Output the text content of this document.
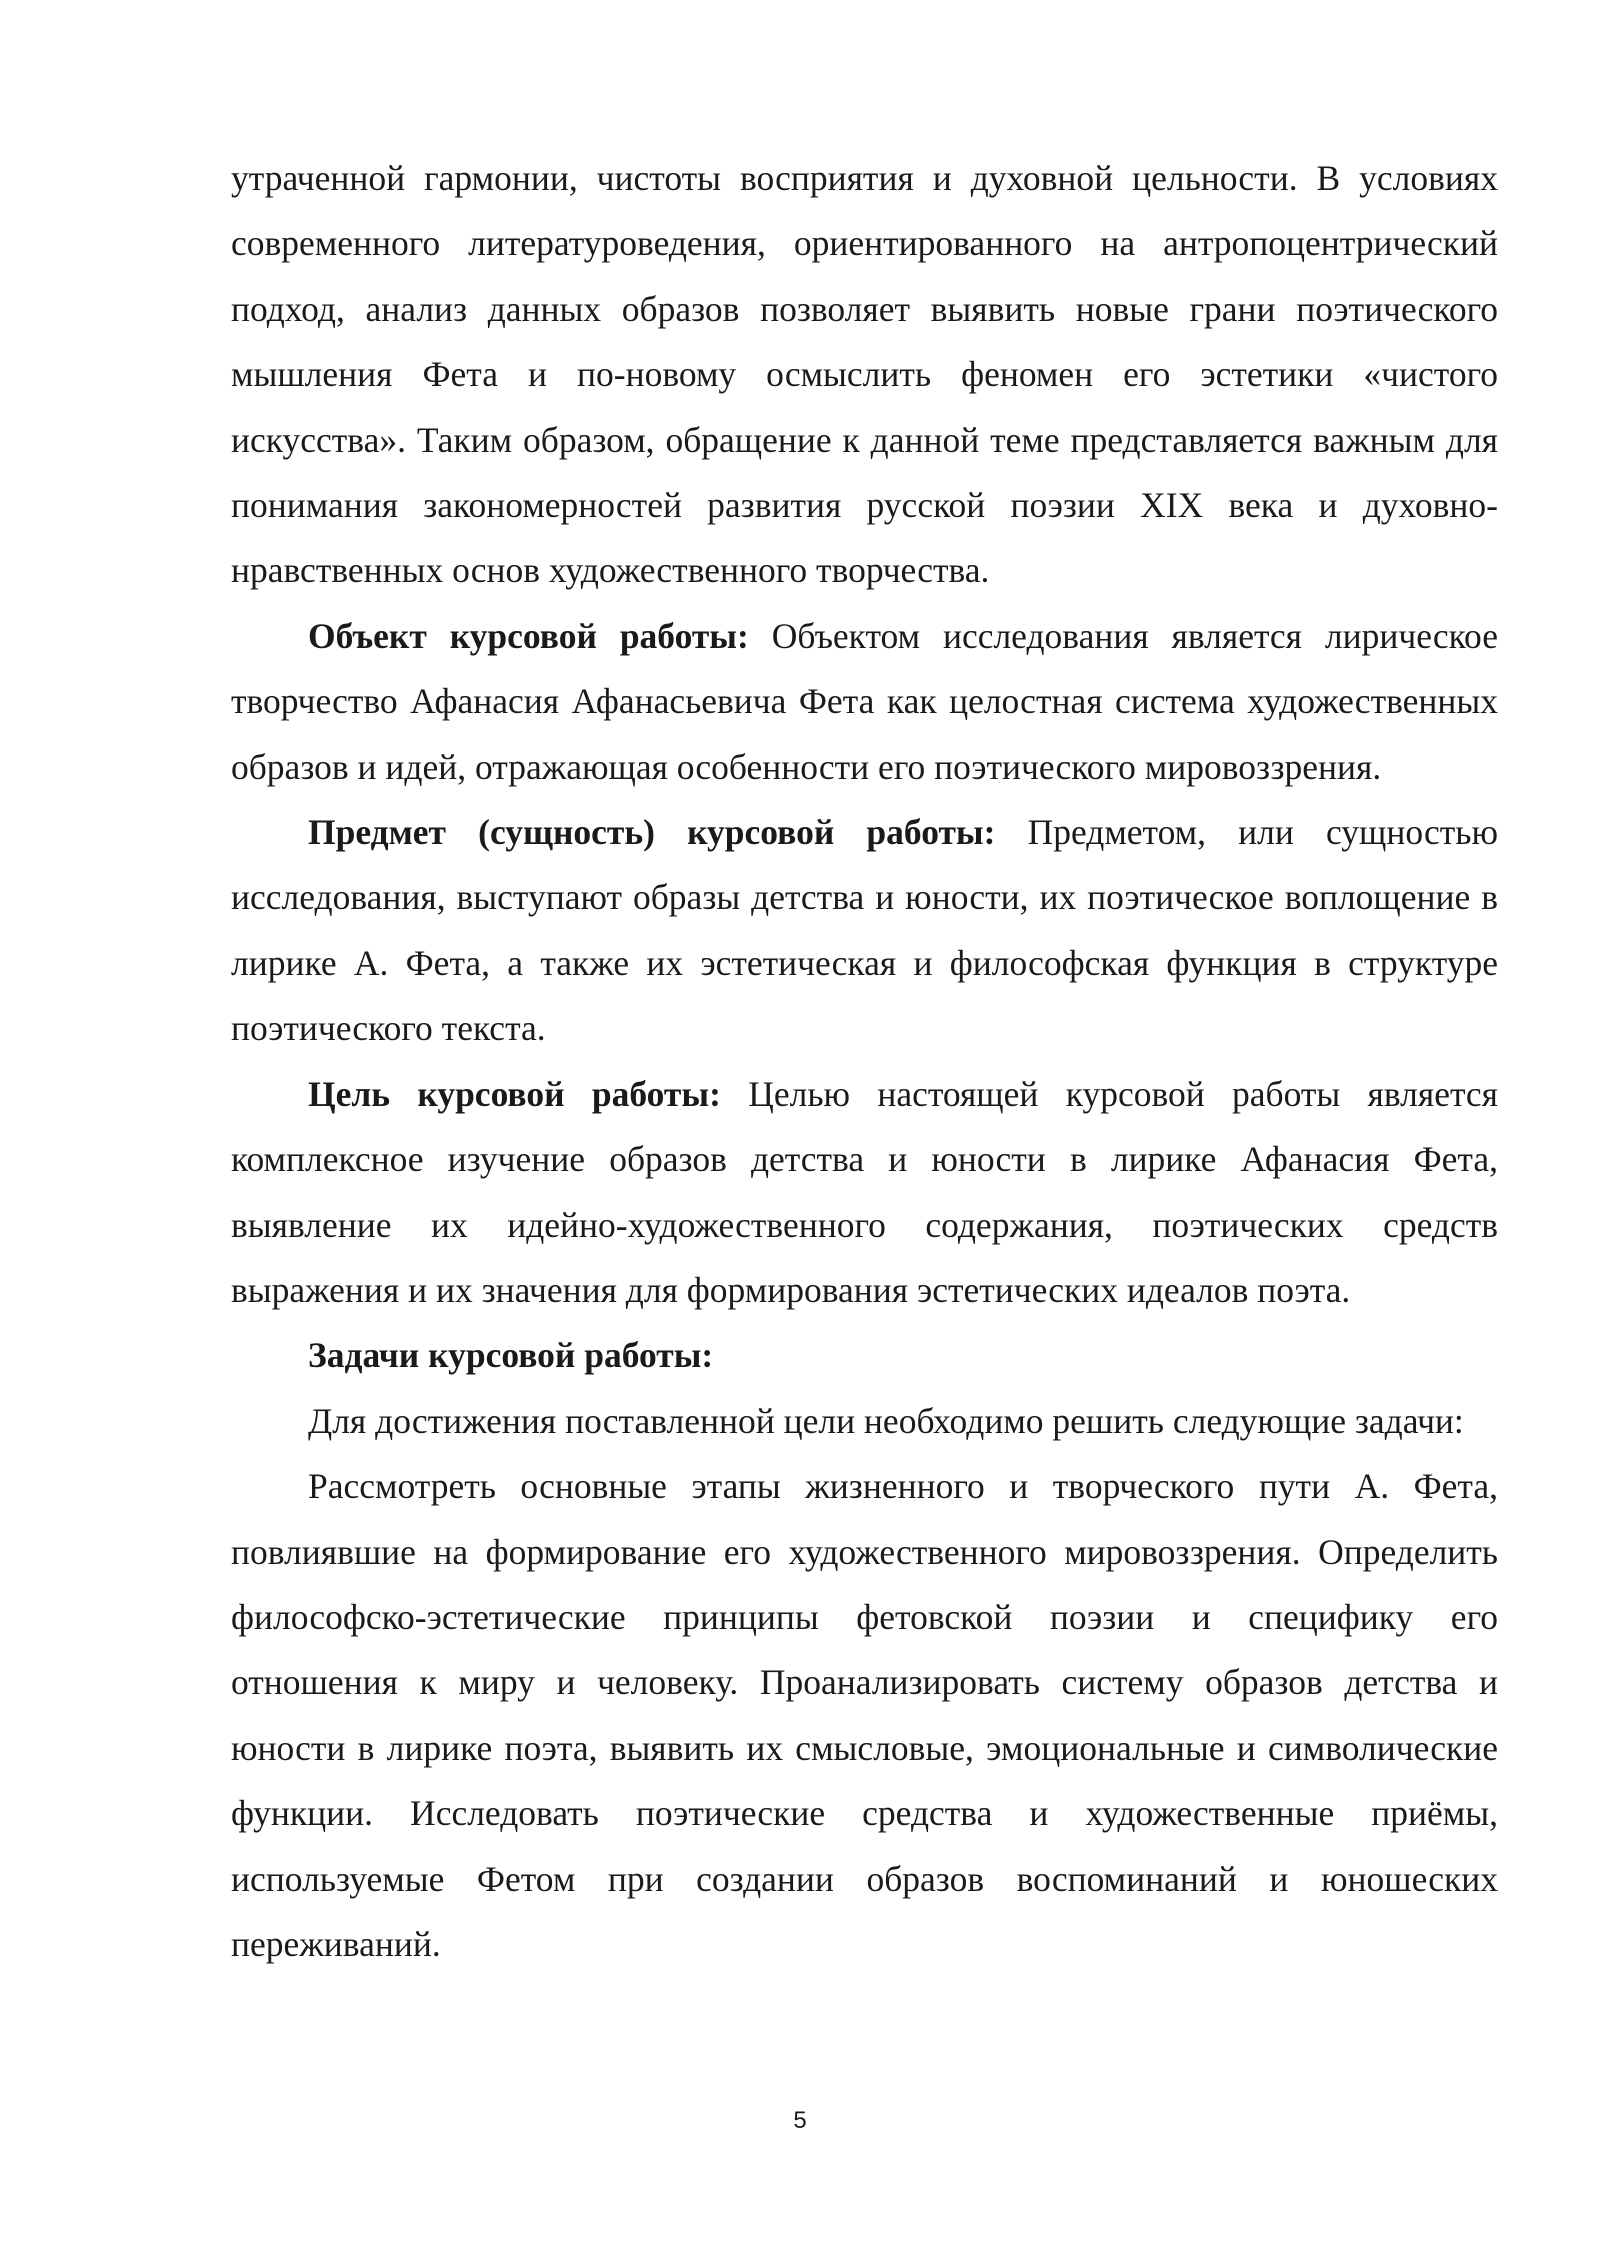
утраченной гармонии, чистоты восприятия и духовной цельности. В условиях современного литературоведения, ориентированного на антропоцентрический подход, анализ данных образов позволяет выявить новые грани поэтического мышления Фета и по-новому осмыслить феномен его эстетики «чистого искусства». Таким образом, обращение к данной теме представляется важным для понимания закономерностей развития русской поэзии XIX века и духовно-нравственных основ художественного творчества.

Объект курсовой работы: Объектом исследования является лирическое творчество Афанасия Афанасьевича Фета как целостная система художественных образов и идей, отражающая особенности его поэтического мировоззрения.

Предмет (сущность) курсовой работы: Предметом, или сущностью исследования, выступают образы детства и юности, их поэтическое воплощение в лирике А. Фета, а также их эстетическая и философская функция в структуре поэтического текста.

Цель курсовой работы: Целью настоящей курсовой работы является комплексное изучение образов детства и юности в лирике Афанасия Фета, выявление их идейно-художественного содержания, поэтических средств выражения и их значения для формирования эстетических идеалов поэта.

Задачи курсовой работы:

Для достижения поставленной цели необходимо решить следующие задачи:

Рассмотреть основные этапы жизненного и творческого пути А. Фета, повлиявшие на формирование его художественного мировоззрения. Определить философско-эстетические принципы фетовской поэзии и специфику его отношения к миру и человеку. Проанализировать систему образов детства и юности в лирике поэта, выявить их смысловые, эмоциональные и символические функции. Исследовать поэтические средства и художественные приёмы, используемые Фетом при создании образов воспоминаний и юношеских переживаний.

5
